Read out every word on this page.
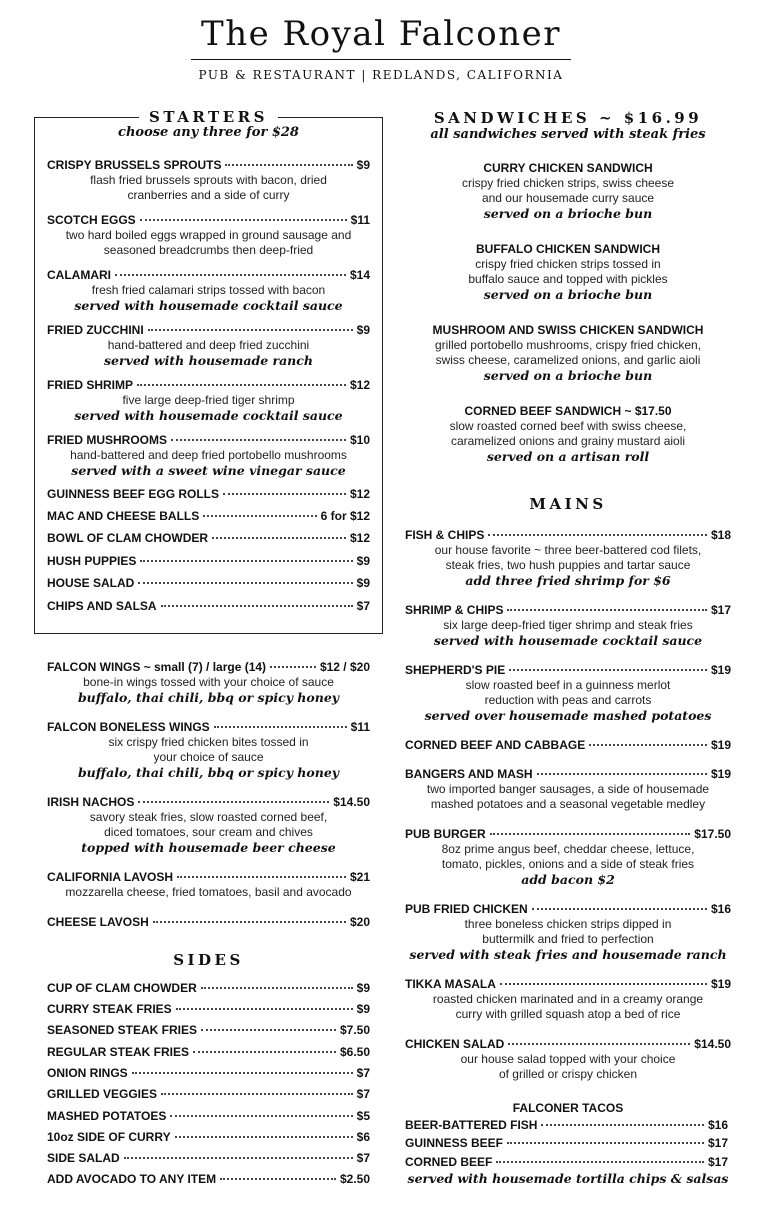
The Royal Falconer
PUB & RESTAURANT | REDLANDS, CALIFORNIA
STARTERS
choose any three for $28
CRISPY BRUSSELS SPROUTS	$9
flash fried brussels sprouts with bacon, dried
cranberries and a side of curry
SCOTCH EGGS	$11
two hard boiled eggs wrapped in ground sausage and
seasoned breadcrumbs then deep-fried
CALAMARI	$14
fresh fried calamari strips tossed with bacon
served with housemade cocktail sauce
FRIED ZUCCHINI	$9
hand-battered and deep fried zucchini
served with housemade ranch
FRIED SHRIMP	$12
five large deep-fried tiger shrimp
served with housemade cocktail sauce
FRIED MUSHROOMS	$10
hand-battered and deep fried portobello mushrooms
served with a sweet wine vinegar sauce
GUINNESS BEEF EGG ROLLS	$12
MAC AND CHEESE BALLS	6 for $12
BOWL OF CLAM CHOWDER	$12
HUSH PUPPIES	$9
HOUSE SALAD	$9
CHIPS AND SALSA	$7
FALCON WINGS ~ small (7) / large (14)	$12 / $20
bone-in wings tossed with your choice of sauce
buffalo, thai chili, bbq or spicy honey
FALCON BONELESS WINGS	$11
six crispy fried chicken bites tossed in
your choice of sauce
buffalo, thai chili, bbq or spicy honey
IRISH NACHOS	$14.50
savory steak fries, slow roasted corned beef,
diced tomatoes, sour cream and chives
topped with housemade beer cheese
CALIFORNIA LAVOSH	$21
mozzarella cheese, fried tomatoes, basil and avocado
CHEESE LAVOSH	$20
SIDES
CUP OF CLAM CHOWDER	$9
CURRY STEAK FRIES	$9
SEASONED STEAK FRIES	$7.50
REGULAR STEAK FRIES	$6.50
ONION RINGS	$7
GRILLED VEGGIES	$7
MASHED POTATOES	$5
10oz SIDE OF CURRY	$6
SIDE SALAD	$7
ADD AVOCADO TO ANY ITEM	$2.50
SANDWICHES ~ $16.99
all sandwiches served with steak fries
CURRY CHICKEN SANDWICH
crispy fried chicken strips, swiss cheese
and our housemade curry sauce
served on a brioche bun
BUFFALO CHICKEN SANDWICH
crispy fried chicken strips tossed in
buffalo sauce and topped with pickles
served on a brioche bun
MUSHROOM AND SWISS CHICKEN SANDWICH
grilled portobello mushrooms, crispy fried chicken,
swiss cheese, caramelized onions, and garlic aioli
served on a brioche bun
CORNED BEEF SANDWICH ~ $17.50
slow roasted corned beef with swiss cheese,
caramelized onions and grainy mustard aioli
served on a artisan roll
MAINS
FISH & CHIPS	$18
our house favorite ~ three beer-battered cod filets,
steak fries, two hush puppies and tartar sauce
add three fried shrimp for $6
SHRIMP & CHIPS	$17
six large deep-fried tiger shrimp and steak fries
served with housemade cocktail sauce
SHEPHERD'S PIE	$19
slow roasted beef in a guinness merlot
reduction with peas and carrots
served over housemade mashed potatoes
CORNED BEEF AND CABBAGE	$19
BANGERS AND MASH	$19
two imported banger sausages, a side of housemade
mashed potatoes and a seasonal vegetable medley
PUB BURGER	$17.50
8oz prime angus beef, cheddar cheese, lettuce,
tomato, pickles, onions and a side of steak fries
add bacon $2
PUB FRIED CHICKEN	$16
three boneless chicken strips dipped in
buttermilk and fried to perfection
served with steak fries and housemade ranch
TIKKA MASALA	$19
roasted chicken marinated and in a creamy orange
curry with grilled squash atop a bed of rice
CHICKEN SALAD	$14.50
our house salad topped with your choice
of grilled or crispy chicken
FALCONER TACOS
BEER-BATTERED FISH	$16
GUINNESS BEEF	$17
CORNED BEEF	$17
served with housemade tortilla chips & salsas
